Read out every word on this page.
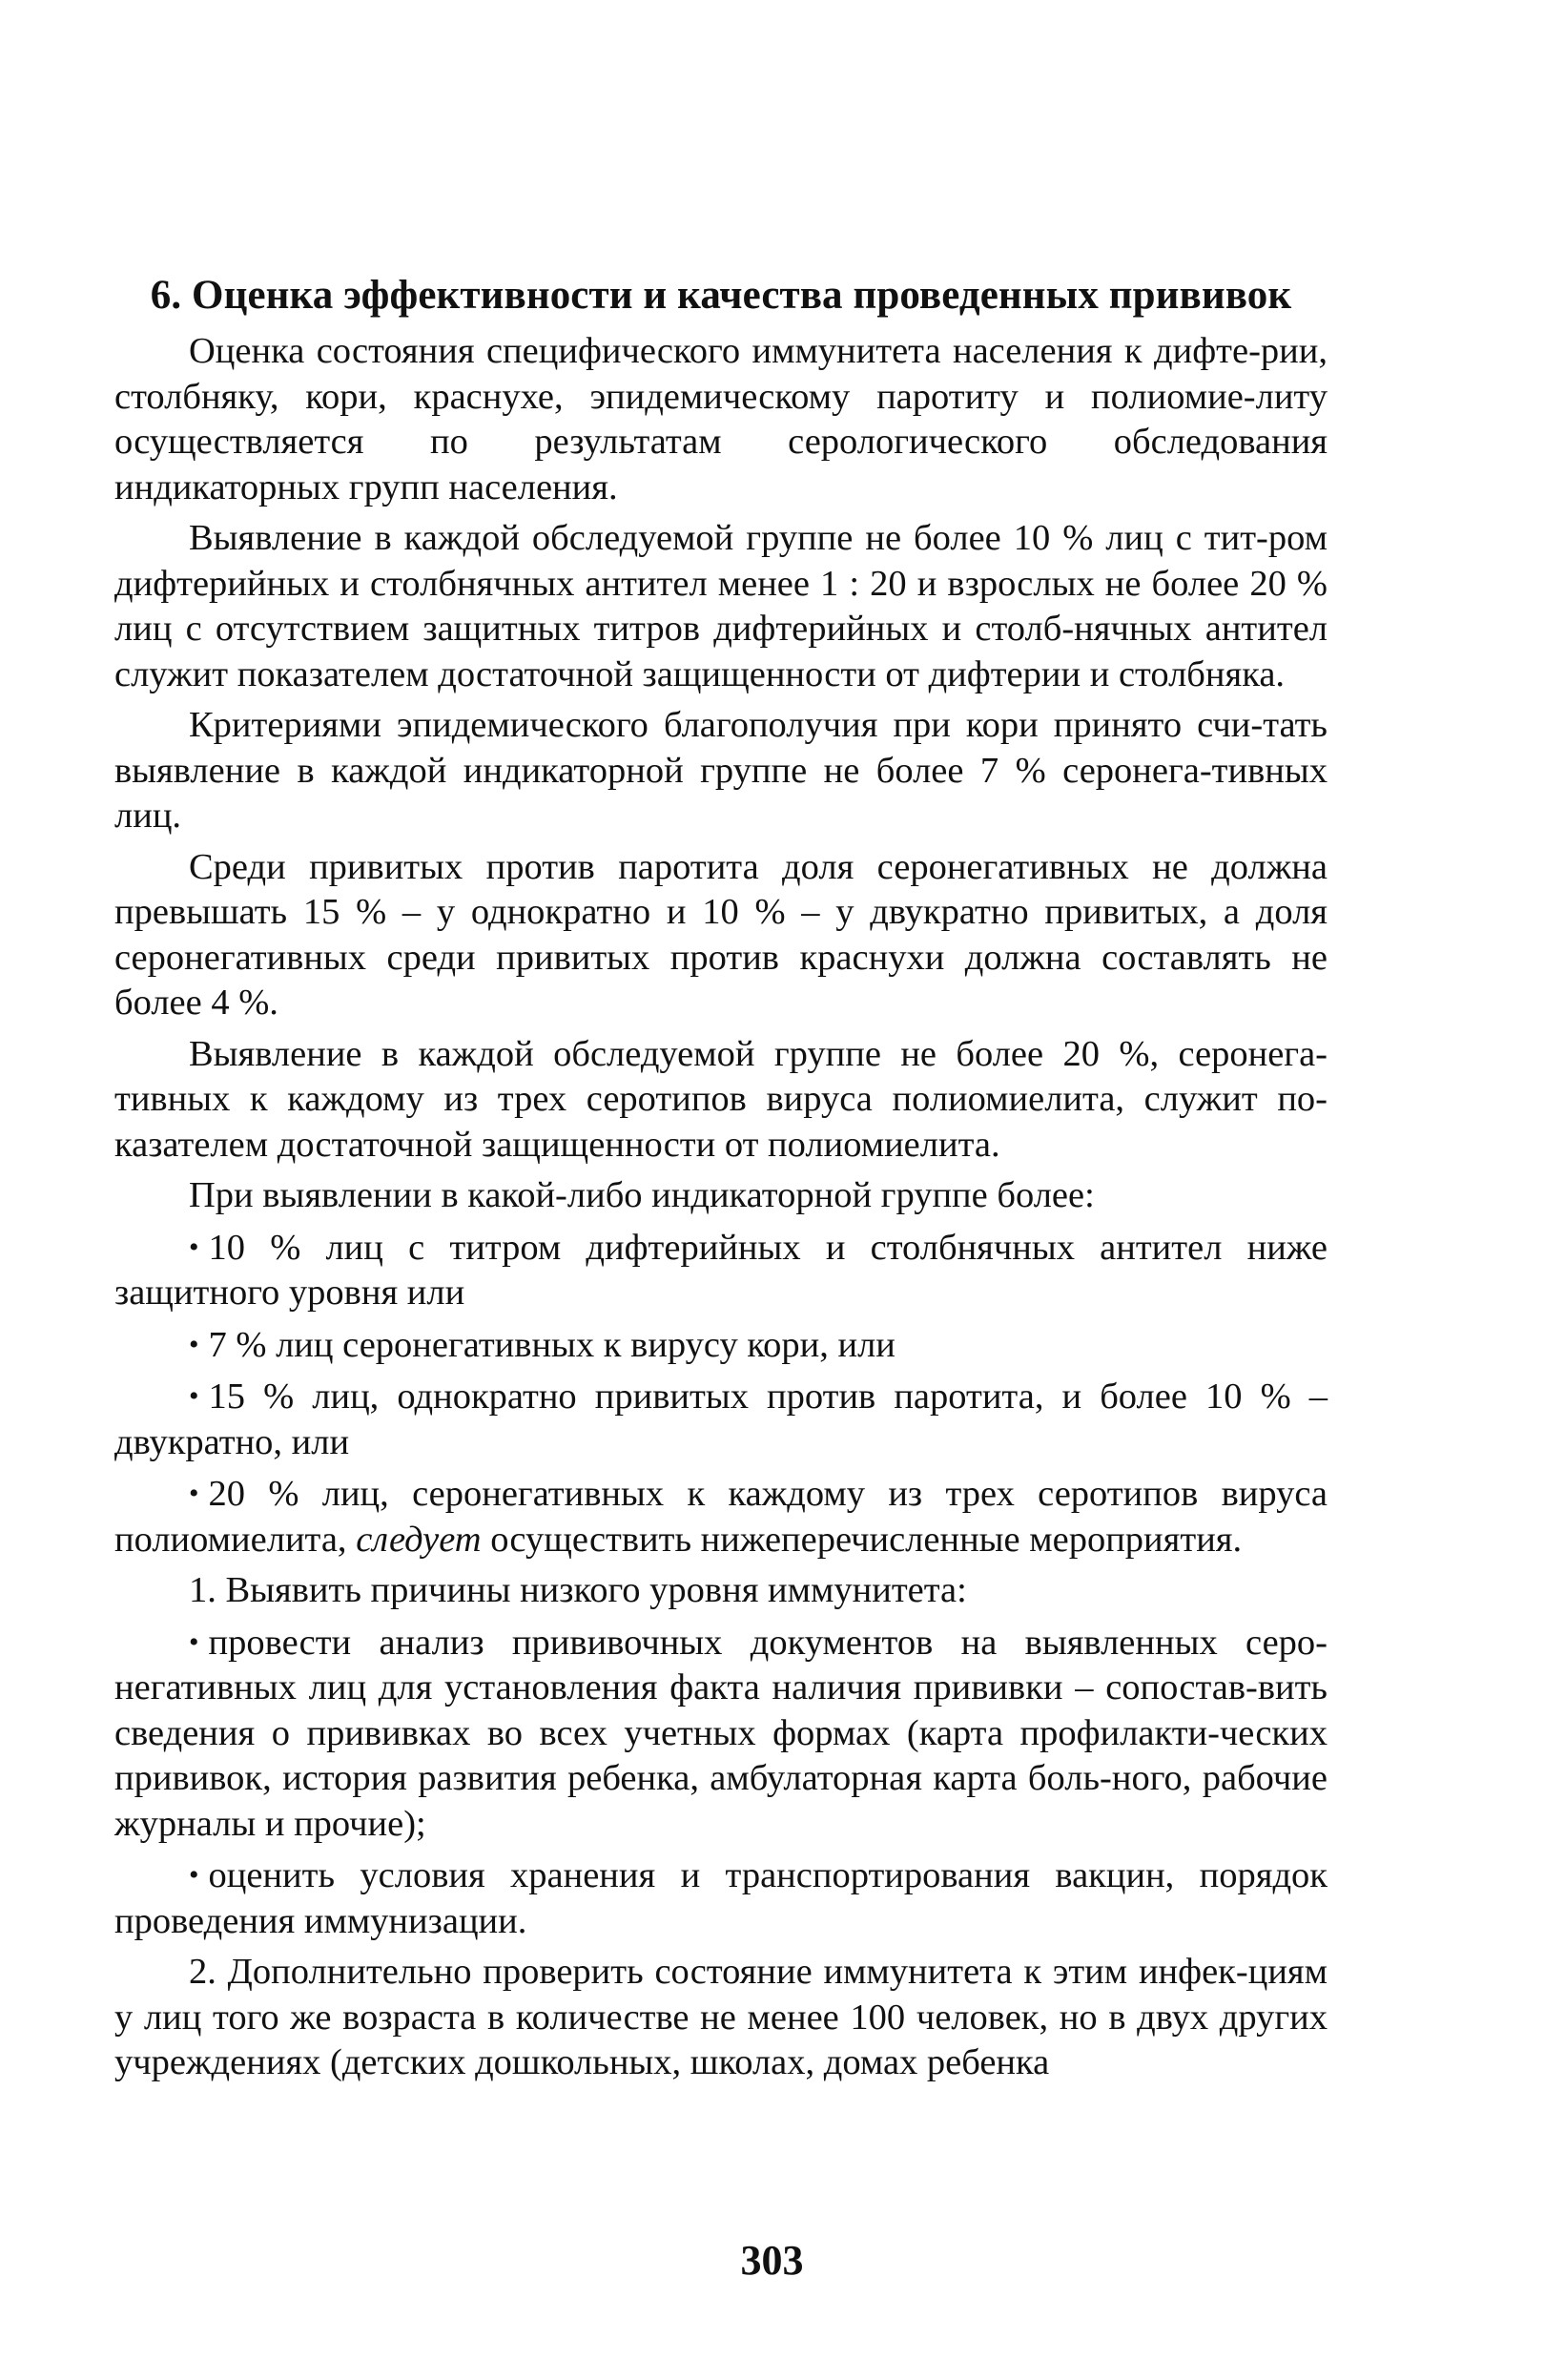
6. Оценка эффективности и качества проведенных прививок

Оценка состояния специфического иммунитета населения к дифте-рии, столбняку, кори, краснухе, эпидемическому паротиту и полиомие-литу осуществляется по результатам серологического обследования индикаторных групп населения.

Выявление в каждой обследуемой группе не более 10 % лиц с тит-ром дифтерийных и столбнячных антител менее 1 : 20 и взрослых не более 20 % лиц с отсутствием защитных титров дифтерийных и столб-нячных антител служит показателем достаточной защищенности от дифтерии и столбняка.

Критериями эпидемического благополучия при кори принято счи-тать выявление в каждой индикаторной группе не более 7 % серонега-тивных лиц.

Среди привитых против паротита доля серонегативных не должна превышать 15 % – у однократно и 10 % – у двукратно привитых, а доля серонегативных среди привитых против краснухи должна составлять не более 4 %.

Выявление в каждой обследуемой группе не более 20 %, серонега-тивных к каждому из трех серотипов вируса полиомиелита, служит по-казателем достаточной защищенности от полиомиелита.

При выявлении в какой-либо индикаторной группе более:

• 10 % лиц с титром дифтерийных и столбнячных антител ниже защитного уровня или

• 7 % лиц серонегативных к вирусу кори, или

• 15 % лиц, однократно привитых против паротита, и более 10 % – двукратно, или

• 20 % лиц, серонегативных к каждому из трех серотипов вируса полиомиелита, следует осуществить нижеперечисленные мероприятия.

1. Выявить причины низкого уровня иммунитета:

• провести анализ прививочных документов на выявленных серо-негативных лиц для установления факта наличия прививки – сопостав-вить сведения о прививках во всех учетных формах (карта профилакти-ческих прививок, история развития ребенка, амбулаторная карта боль-ного, рабочие журналы и прочие);

• оценить условия хранения и транспортирования вакцин, порядок проведения иммунизации.

2. Дополнительно проверить состояние иммунитета к этим инфек-циям у лиц того же возраста в количестве не менее 100 человек, но в двух других учреждениях (детских дошкольных, школах, домах ребенка

303
